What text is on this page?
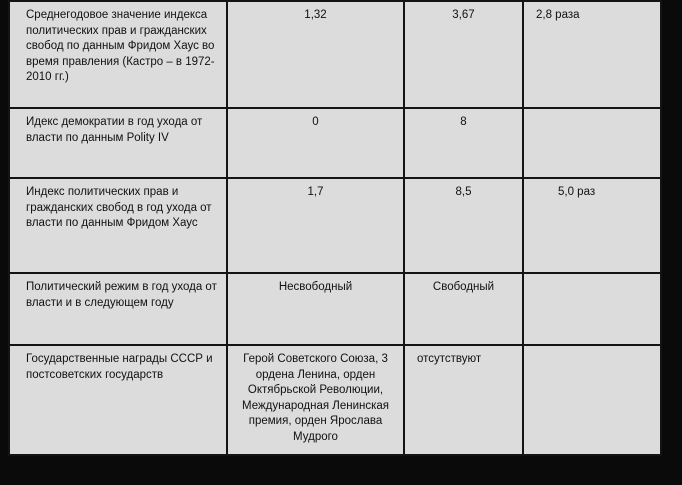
Среднегодовое значение индекса политических прав и гражданских свобод по данным Фридом Хаус во время правления (Кастро – в 1972-2010 гг.)	1,32	3,67	2,8 раза

Идекс демократии в год ухода от власти по данным Polity IV	0	8	

Индекс политических прав и гражданских свобод в год ухода от власти по данным Фридом Хаус	1,7	8,5	5,0 раз

Политический режим в год ухода от власти и в следующем году	Несвободный	Свободный	

Государственные награды СССР и постсоветских государств	Герой Советского Союза, 3 ордена Ленина, орден Октябрьской Революции, Международная Ленинская премия, орден Ярослава Мудрого	отсутствуют	
